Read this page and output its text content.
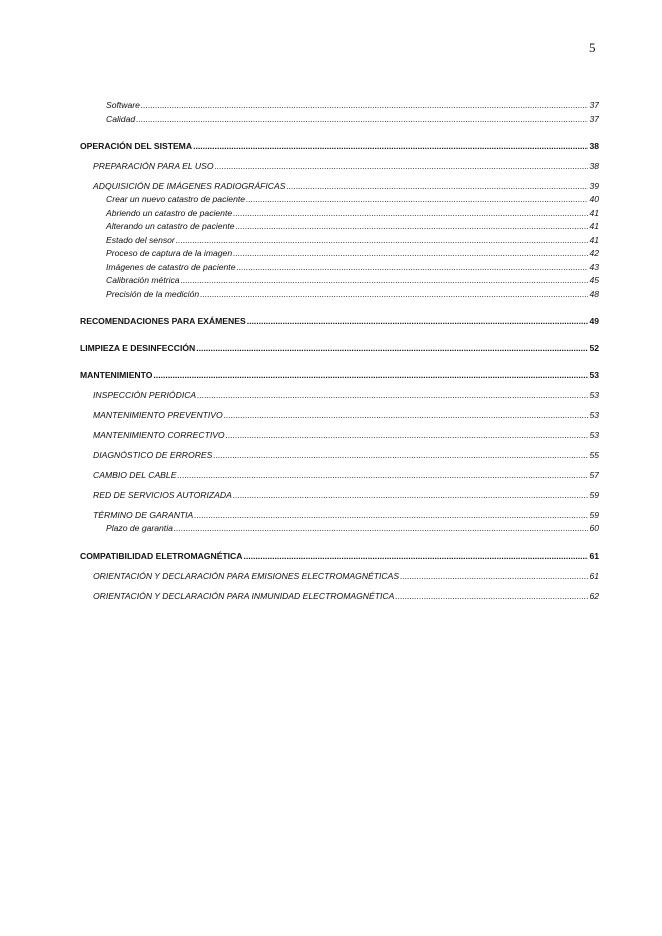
5
Software .....	37
Calidad .....	37
OPERACIÓN DEL SISTEMA .....	38
PREPARACIÓN PARA EL USO .....	38
ADQUISICIÓN DE IMÁGENES RADIOGRÁFICAS .....	39
Crear un nuevo catastro de paciente .....	40
Abriendo un catastro de paciente .....	41
Alterando un catastro de paciente .....	41
Estado del sensor .....	41
Proceso de captura de la imagen .....	42
Imágenes de catastro de paciente .....	43
Calibración métrica .....	45
Precisión de la medición .....	48
RECOMENDACIONES PARA EXÁMENES .....	49
LIMPIEZA E DESINFECCIÓN .....	52
MANTENIMIENTO .....	53
INSPECCIÓN PERIÓDICA .....	53
MANTENIMIENTO PREVENTIVO .....	53
MANTENIMIENTO CORRECTIVO .....	53
DIAGNÓSTICO DE ERRORES .....	55
CAMBIO DEL CABLE .....	57
RED DE SERVICIOS AUTORIZADA .....	59
TÉRMINO DE GARANTIA .....	59
Plazo de garantia .....	60
COMPATIBILIDAD ELETROMAGNÉTICA .....	61
ORIENTACIÓN Y DECLARACIÓN PARA EMISIONES ELECTROMAGNÉTICAS .....	61
ORIENTACIÓN Y DECLARACIÓN PARA INMUNIDAD ELECTROMAGNÉTICA .....	62
